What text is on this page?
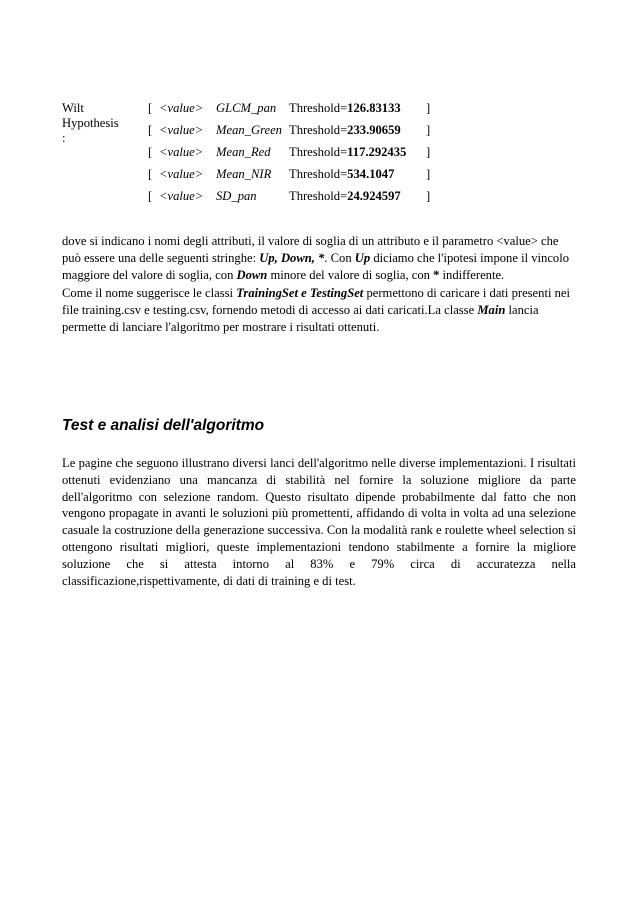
Wilt Hypothesis :
[ <value> GLCM_pan Threshold=126.83133 ]
[ <value> Mean_Green Threshold=233.90659 ]
[ <value> Mean_Red Threshold=117.292435 ]
[ <value> Mean_NIR Threshold=534.1047	]
[ <value> SD_pan	Threshold=24.924597 ]

dove si indicano i nomi degli attributi, il valore di soglia di un attributo e il parametro <value> che può essere una delle seguenti stringhe: Up, Down, *. Con Up diciamo che l'ipotesi impone il vincolo maggiore del valore di soglia, con Down minore del valore di soglia, con * indifferente.

Come il nome suggerisce le classi TrainingSet e TestingSet permettono di caricare i dati presenti nei file training.csv e testing.csv, fornendo metodi di accesso ai dati caricati.La classe Main lancia permette di lanciare l'algoritmo per mostrare i risultati ottenuti.

Test e analisi dell'algoritmo

Le pagine che seguono illustrano diversi lanci dell'algoritmo nelle diverse implementazioni. I risultati ottenuti evidenziano una mancanza di stabilità nel fornire la soluzione migliore da parte dell'algoritmo con selezione random. Questo risultato dipende probabilmente dal fatto che non vengono propagate in avanti le soluzioni più promettenti, affidando di volta in volta ad una selezione casuale la costruzione della generazione successiva. Con la modalità rank e roulette wheel selection si ottengono risultati migliori, queste implementazioni tendono stabilmente a fornire la migliore soluzione che si attesta intorno al 83% e 79% circa di accuratezza nella classificazione,rispettivamente, di dati di training e di test.
